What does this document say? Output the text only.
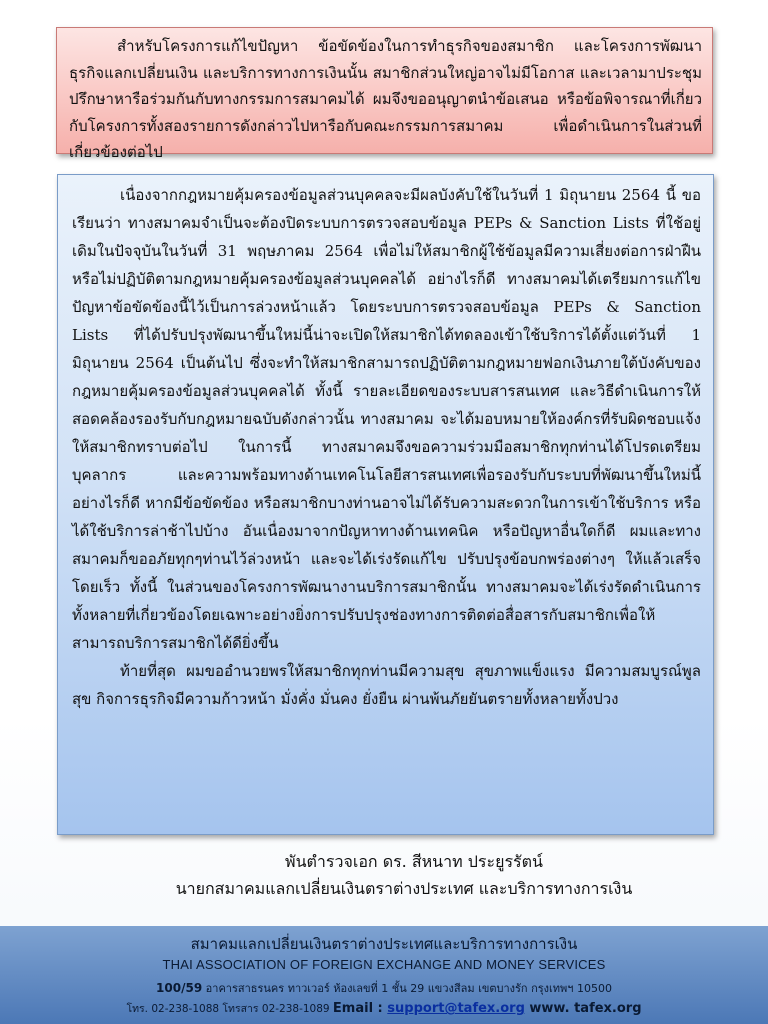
สำหรับโครงการแก้ไขปัญหา ข้อขัดข้องในการทำธุรกิจของสมาชิก และโครงการพัฒนาธุรกิจแลกเปลี่ยนเงิน และบริการทางการเงินนั้น สมาชิกส่วนใหญ่อาจไม่มีโอกาส และเวลามาประชุมปรึกษาหารือร่วมกันกับทางกรรมการสมาคมได้ ผมจึงขออนุญาตนำข้อเสนอ หรือข้อพิจารณาที่เกี่ยวกับโครงการทั้งสองรายการดังกล่าวไปหารือกับคณะกรรมการสมาคม เพื่อดำเนินการในส่วนที่เกี่ยวข้องต่อไป

เนื่องจากกฎหมายคุ้มครองข้อมูลส่วนบุคคลจะมีผลบังคับใช้ในวันที่ 1 มิถุนายน 2564 นี้ ขอเรียนว่า ทางสมาคมจำเป็นจะต้องปิดระบบการตรวจสอบข้อมูล PEPs & Sanction Lists ที่ใช้อยู่เดิมในปัจจุบันในวันที่ 31 พฤษภาคม 2564 เพื่อไม่ให้สมาชิกผู้ใช้ข้อมูลมีความเสี่ยงต่อการฝ่าฝืน หรือไม่ปฏิบัติตามกฎหมายคุ้มครองข้อมูลส่วนบุคคลได้ อย่างไรก็ดี ทางสมาคมได้เตรียมการแก้ไขปัญหาข้อขัดข้องนี้ไว้เป็นการล่วงหน้าแล้ว โดยระบบการตรวจสอบข้อมูล PEPs & Sanction Lists ที่ได้ปรับปรุงพัฒนาขึ้นใหม่นี้น่าจะเปิดให้สมาชิกได้ทดลองเข้าใช้บริการได้ตั้งแต่วันที่ 1 มิถุนายน 2564 เป็นต้นไป ซึ่งจะทำให้สมาชิกสามารถปฏิบัติตามกฎหมายฟอกเงินภายใต้บังคับของกฎหมายคุ้มครองข้อมูลส่วนบุคคลได้ ทั้งนี้ รายละเอียดของระบบสารสนเทศ และวิธีดำเนินการให้สอดคล้องรองรับกับกฎหมายฉบับดังกล่าวนั้น ทางสมาคม จะได้มอบหมายให้องค์กรที่รับผิดชอบแจ้งให้สมาชิกทราบต่อไป ในการนี้ ทางสมาคมจึงขอความร่วมมือสมาชิกทุกท่านได้โปรดเตรียมบุคลากร และความพร้อมทางด้านเทคโนโลยีสารสนเทศเพื่อรองรับกับระบบที่พัฒนาขึ้นใหม่นี้ อย่างไรก็ดี หากมีข้อขัดข้อง หรือสมาชิกบางท่านอาจไม่ได้รับความสะดวกในการเข้าใช้บริการ หรือได้ใช้บริการล่าช้าไปบ้าง อันเนื่องมาจากปัญหาทางด้านเทคนิค หรือปัญหาอื่นใดก็ดี ผมและทางสมาคมก็ขออภัยทุกๆท่านไว้ล่วงหน้า และจะได้เร่งรัดแก้ไข ปรับปรุงข้อบกพร่องต่างๆ ให้แล้วเสร็จโดยเร็ว ทั้งนี้ ในส่วนของโครงการพัฒนางานบริการสมาชิกนั้น ทางสมาคมจะได้เร่งรัดดำเนินการทั้งหลายที่เกี่ยวข้องโดยเฉพาะอย่างยิ่งการปรับปรุงช่องทางการติดต่อสื่อสารกับสมาชิกเพื่อให้สามารถบริการสมาชิกได้ดียิ่งขึ้น

ท้ายที่สุด ผมขออำนวยพรให้สมาชิกทุกท่านมีความสุข สุขภาพแข็งแรง มีความสมบูรณ์พูลสุข กิจการธุรกิจมีความก้าวหน้า มั่งคั่ง มั่นคง ยั่งยืน ผ่านพ้นภัยยันตรายทั้งหลายทั้งปวง

พันตำรวจเอก ดร. สีหนาท ประยูรรัตน์
นายกสมาคมแลกเปลี่ยนเงินตราต่างประเทศ และบริการทางการเงิน
สมาคมแลกเปลี่ยนเงินตราต่างประเทศและบริการทางการเงิน
THAI ASSOCIATION OF FOREIGN EXCHANGE AND MONEY SERVICES
100/59 อาคารสาธรนคร ทาวเวอร์ ห้องเลขที่ 1 ชั้น 29 แขวงสีลม เขตบางรัก กรุงเทพฯ 10500
โทร. 02-238-1088 โทรสาร 02-238-1089 Email : support@tafex.org www. tafex.org
